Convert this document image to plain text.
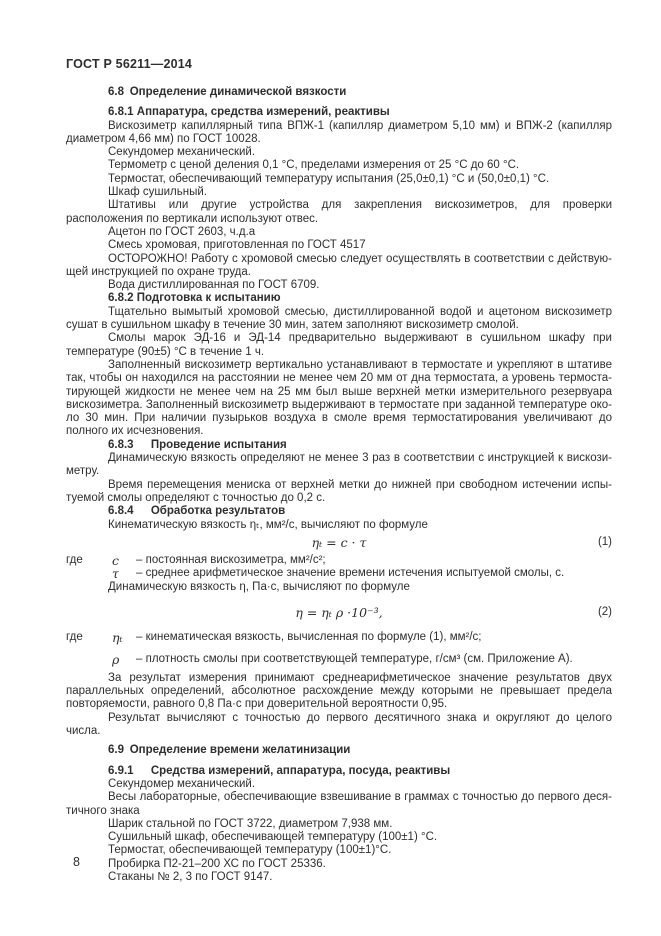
ГОСТ Р 56211—2014

6.8 Определение динамической вязкости

6.8.1 Аппаратура, средства измерений, реактивы

Вискозиметр капиллярный типа ВПЖ-1 (капилляр диаметром 5,10 мм) и ВПЖ-2 (капилляр диаметром 4,66 мм) по ГОСТ 10028.

Секундомер механический.

Термометр с ценой деления 0,1 °С, пределами измерения от 25 °С до 60 °С.

Термостат, обеспечивающий температуру испытания (25,0±0,1) °С и (50,0±0,1) °С.

Шкаф сушильный.

Штативы или другие устройства для закрепления вискозиметров, для проверки расположения по вертикали используют отвес.

Ацетон по ГОСТ 2603, ч.д.а

Смесь хромовая, приготовленная по ГОСТ 4517

ОСТОРОЖНО! Работу с хромовой смесью следует осуществлять в соответствии с действующей инструкцией по охране труда.

Вода дистиллированная по ГОСТ 6709.

6.8.2 Подготовка к испытанию

Тщательно вымытый хромовой смесью, дистиллированной водой и ацетоном вискозиметр сушат в сушильном шкафу в течение 30 мин, затем заполняют вискозиметр смолой.

Смолы марок ЭД-16 и ЭД-14 предварительно выдерживают в сушильном шкафу при температуре (90±5) °С в течение 1 ч.

Заполненный вискозиметр вертикально устанавливают в термостате и укрепляют в штативе так, чтобы он находился на расстоянии не менее чем 20 мм от дна термостата, а уровень термостатирующей жидкости не менее чем на 25 мм был выше верхней метки измерительного резервуара вискозиметра. Заполненный вискозиметр выдерживают в термостате при заданной температуре около 30 мин. При наличии пузырьков воздуха в смоле время термостатирования увеличивают до полного их исчезновения.

6.8.3  Проведение испытания

Динамическую вязкость определяют не менее 3 раз в соответствии с инструкцией к вискозиметру.

Время перемещения мениска от верхней метки до нижней при свободном истечении испытуемой смолы определяют с точностью до 0,2 с.

6.8.4  Обработка результатов

Кинематическую вязкость ηₜ, мм²/с, вычисляют по формуле

ηₜ = c · τ	(1)
где	c	– постоянная вискозиметра, мм²/с²;
τ	– среднее арифметическое значение времени истечения испытуемой смолы, с.

Динамическую вязкость η, Па·с, вычисляют по формуле

η = ηₜ ρ ·10⁻³,	(2)
где	ηₜ	– кинематическая вязкость, вычисленная по формуле (1), мм²/с;
ρ	– плотность смолы при соответствующей температуре, г/см³ (см. Приложение А).

За результат измерения принимают среднеарифметическое значение результатов двух параллельных определений, абсолютное расхождение между которыми не превышает предела повторяемости, равного 0,8 Па·с при доверительной вероятности 0,95.

Результат вычисляют с точностью до первого десятичного знака и округляют до целого числа.

6.9 Определение времени желатинизации

6.9.1  Средства измерений, аппаратура, посуда, реактивы

Секундомер механический.

Весы лабораторные, обеспечивающие взвешивание в граммах с точностью до первого десятичного знака

Шарик стальной по ГОСТ 3722, диаметром 7,938 мм.

Сушильный шкаф, обеспечивающей температуру (100±1) °С.

Термостат, обеспечивающей температуру (100±1)°С.

Пробирка П2-21–200 ХС по ГОСТ 25336.

Стаканы № 2, 3 по ГОСТ 9147.

8
